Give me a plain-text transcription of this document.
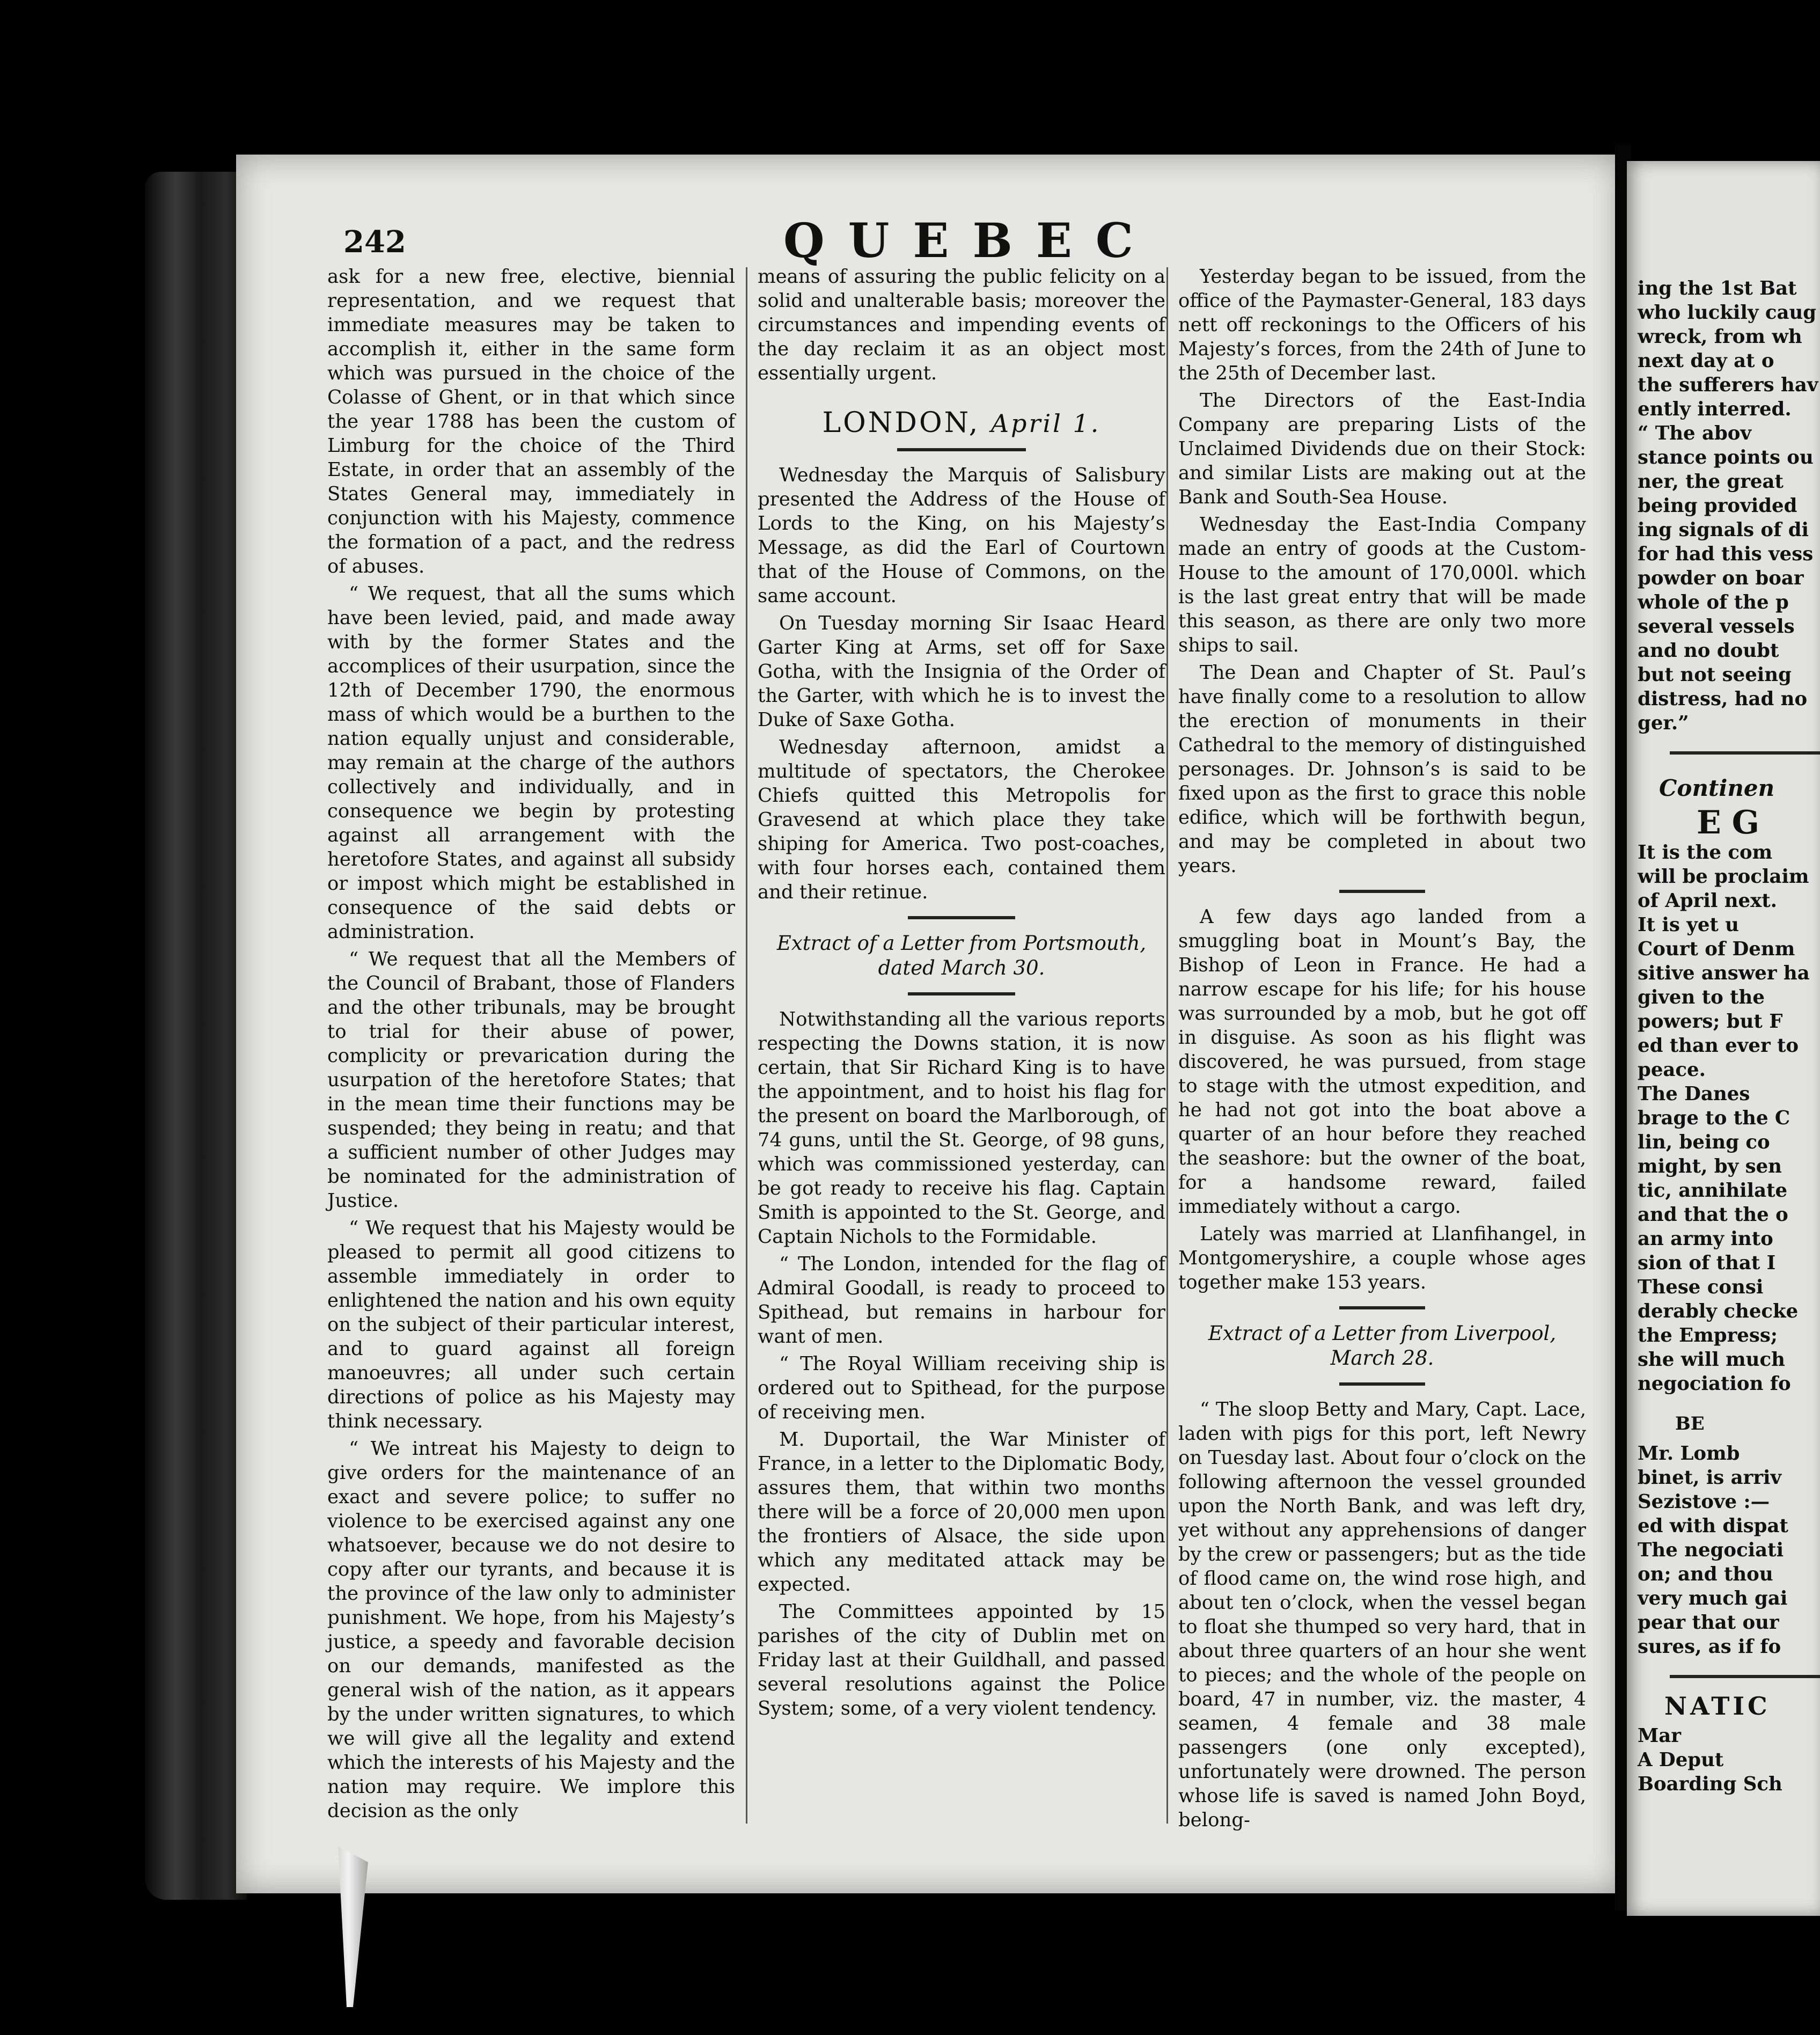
242	QUEBEC

ask for a new free, elective, biennial representation, and we request that immediate measures may be taken to accomplish it, either in the same form which was pursued in the choice of the Colasse of Ghent, or in that which since the year 1788 has been the custom of Limburg for the choice of the Third Estate, in order that an assembly of the States General may, immediately in conjunction with his Majesty, commence the formation of a pact, and the redress of abuses.

“ We request, that all the sums which have been levied, paid, and made away with by the former States and the accomplices of their usurpation, since the 12th of December 1790, the enormous mass of which would be a burthen to the nation equally unjust and considerable, may remain at the charge of the authors collectively and individually, and in consequence we begin by protesting against all arrangement with the heretofore States, and against all subsidy or impost which might be established in consequence of the said debts or administration.

“ We request that all the Members of the Council of Brabant, those of Flanders and the other tribunals, may be brought to trial for their abuse of power, complicity or prevarication during the usurpation of the heretofore States; that in the mean time their functions may be suspended; they being in reatu; and that a sufficient number of other Judges may be nominated for the administration of Justice.

“ We request that his Majesty would be pleased to permit all good citizens to assemble immediately in order to enlightened the nation and his own equity on the subject of their particular interest, and to guard against all foreign manoeuvres; all under such certain directions of police as his Majesty may think necessary.

“ We intreat his Majesty to deign to give orders for the maintenance of an exact and severe police; to suffer no violence to be exercised against any one whatsoever, because we do not desire to copy after our tyrants, and because it is the province of the law only to administer punishment. We hope, from his Majesty’s justice, a speedy and favorable decision on our demands, manifested as the general wish of the nation, as it appears by the under written signatures, to which we will give all the legality and extend which the interests of his Majesty and the nation may require. We implore this decision as the only

means of assuring the public felicity on a solid and unalterable basis; moreover the circumstances and impending events of the day reclaim it as an object most essentially urgent.

LONDON, April 1.

Wednesday the Marquis of Salisbury presented the Address of the House of Lords to the King, on his Majesty’s Message, as did the Earl of Courtown that of the House of Commons, on the same account.

On Tuesday morning Sir Isaac Heard Garter King at Arms, set off for Saxe Gotha, with the Insignia of the Order of the Garter, with which he is to invest the Duke of Saxe Gotha.

Wednesday afternoon, amidst a multitude of spectators, the Cherokee Chiefs quitted this Metropolis for Gravesend at which place they take shiping for America. Two post-coaches, with four horses each, contained them and their retinue.

Extract of a Letter from Portsmouth, dated March 30.

Notwithstanding all the various reports respecting the Downs station, it is now certain, that Sir Richard King is to have the appointment, and to hoist his flag for the present on board the Marlborough, of 74 guns, until the St. George, of 98 guns, which was commissioned yesterday, can be got ready to receive his flag. Captain Smith is appointed to the St. George, and Captain Nichols to the Formidable.

“ The London, intended for the flag of Admiral Goodall, is ready to proceed to Spithead, but remains in harbour for want of men.

“ The Royal William receiving ship is ordered out to Spithead, for the purpose of receiving men.

M. Duportail, the War Minister of France, in a letter to the Diplomatic Body, assures them, that within two months there will be a force of 20,000 men upon the frontiers of Alsace, the side upon which any meditated attack may be expected.

The Committees appointed by 15 parishes of the city of Dublin met on Friday last at their Guildhall, and passed several resolutions against the Police System; some, of a very violent tendency.

Yesterday began to be issued, from the office of the Paymaster-General, 183 days nett off reckonings to the Officers of his Majesty’s forces, from the 24th of June to the 25th of December last.

The Directors of the East-India Company are preparing Lists of the Unclaimed Dividends due on their Stock: and similar Lists are making out at the Bank and South-Sea House.

Wednesday the East-India Company made an entry of goods at the Custom-House to the amount of 170,000l. which is the last great entry that will be made this season, as there are only two more ships to sail.

The Dean and Chapter of St. Paul’s have finally come to a resolution to allow the erection of monuments in their Cathedral to the memory of distinguished personages. Dr. Johnson’s is said to be fixed upon as the first to grace this noble edifice, which will be forthwith begun, and may be completed in about two years.

A few days ago landed from a smuggling boat in Mount’s Bay, the Bishop of Leon in France. He had a narrow escape for his life; for his house was surrounded by a mob, but he got off in disguise. As soon as his flight was discovered, he was pursued, from stage to stage with the utmost expedition, and he had not got into the boat above a quarter of an hour before they reached the seashore: but the owner of the boat, for a handsome reward, failed immediately without a cargo.

Lately was married at Llanfihangel, in Montgomeryshire, a couple whose ages together make 153 years.

Extract of a Letter from Liverpool, March 28.

“ The sloop Betty and Mary, Capt. Lace, laden with pigs for this port, left Newry on Tuesday last. About four o’clock on the following afternoon the vessel grounded upon the North Bank, and was left dry, yet without any apprehensions of danger by the crew or passengers; but as the tide of flood came on, the wind rose high, and about ten o’clock, when the vessel began to float she thumped so very hard, that in about three quarters of an hour she went to pieces; and the whole of the people on board, 47 in number, viz. the master, 4 seamen, 4 female and 38 male passengers (one only excepted), unfortunately were drowned. The person whose life is saved is named John Boyd, belong-

ing the 1st Bat

who luckily caug

wreck, from wh

next day at o

the sufferers hav

ently interred.

“ The abov

stance points ou

ner, the great

being provided

ing signals of di

for had this vess

powder on boar

whole of the p

several vessels

and no doubt

but not seeing

distress, had no

ger.”

Continen
EG

It is the com

will be proclaim

of April next.

It is yet u

Court of Denm

sitive answer ha

given to the

powers; but F

ed than ever to

peace.

The Danes

brage to the C

lin, being co

might, by sen

tic, annihilate

and that the o

an army into

sion of that I

These consi

derably checke

the Empress;

she will much

negociation fo

BE

Mr. Lomb

binet, is arriv

Sezistove :—

ed with dispat

The negociati

on; and thou

very much gai

pear that our

sures, as if fo

NATIC

Mar

A Deput

Boarding Sch
